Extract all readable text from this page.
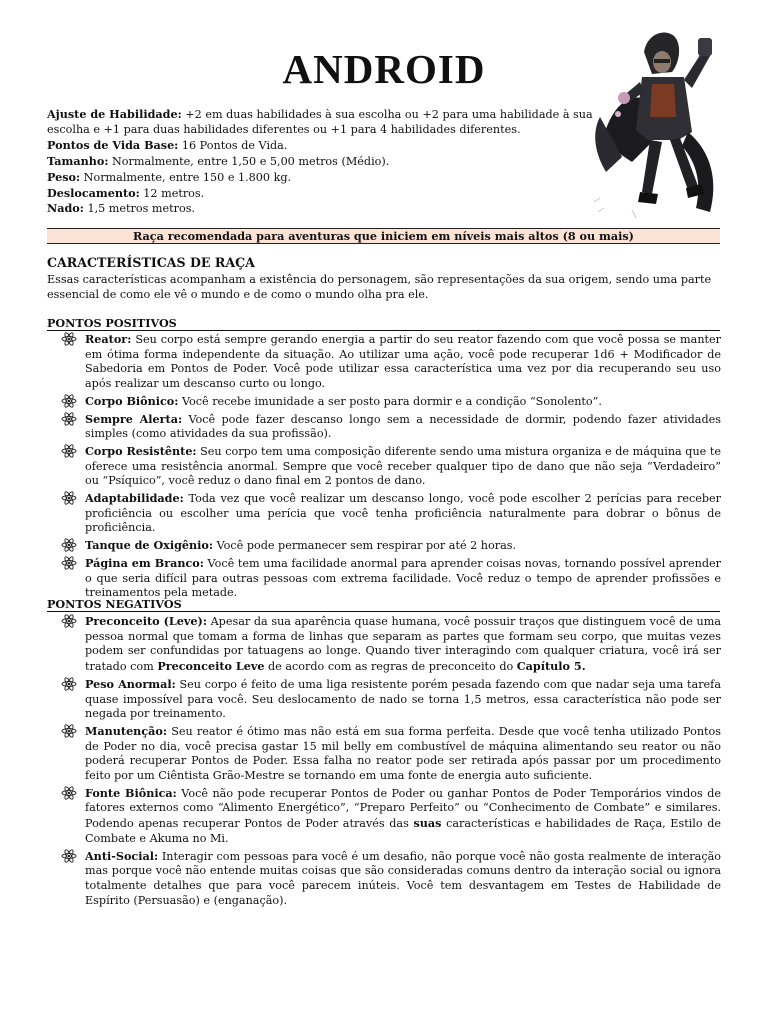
ANDROID

Ajuste de Habilidade: +2 em duas habilidades à sua escolha ou +2 para uma habilidade à sua escolha e +1 para duas habilidades diferentes ou +1 para 4 habilidades diferentes.

Pontos de Vida Base: 16 Pontos de Vida.

Tamanho: Normalmente, entre 1,50 e 5,00 metros (Médio).

Peso: Normalmente, entre 150 e 1.800 kg.

Deslocamento: 12 metros.

Nado: 1,5 metros metros.

Raça recomendada para aventuras que iniciem em níveis mais altos (8 ou mais)
CARACTERÍSTICAS DE RAÇA
Essas características acompanham a existência do personagem, são representações da sua origem, sendo uma parte essencial de como ele vê o mundo e de como o mundo olha pra ele.
PONTOS POSITIVOS
Reator: Seu corpo está sempre gerando energia a partir do seu reator fazendo com que você possa se manter em ótima forma independente da situação. Ao utilizar uma ação, você pode recuperar 1d6 + Modificador de Sabedoria em Pontos de Poder. Você pode utilizar essa característica uma vez por dia recuperando seu uso após realizar um descanso curto ou longo.
Corpo Biônico: Você recebe imunidade a ser posto para dormir e a condição “Sonolento”.
Sempre Alerta: Você pode fazer descanso longo sem a necessidade de dormir, podendo fazer atividades simples (como atividades da sua profissão).
Corpo Resistênte: Seu corpo tem uma composição diferente sendo uma mistura organiza e de máquina que te oferece uma resistência anormal. Sempre que você receber qualquer tipo de dano que não seja “Verdadeiro” ou “Psíquico”, você reduz o dano final em 2 pontos de dano.
Adaptabilidade: Toda vez que você realizar um descanso longo, você pode escolher 2 perícias para receber proficiência ou escolher uma perícia que você tenha proficiência naturalmente para dobrar o bônus de proficiência.
Tanque de Oxigênio: Você pode permanecer sem respirar por até 2 horas.
Página em Branco: Você tem uma facilidade anormal para aprender coisas novas, tornando possível aprender o que seria difícil para outras pessoas com extrema facilidade. Você reduz o tempo de aprender profissões e treinamentos pela metade.
PONTOS NEGATIVOS
Preconceito (Leve): Apesar da sua aparência quase humana, você possuir traços que distinguem você de uma pessoa normal que tomam a forma de linhas que separam as partes que formam seu corpo, que muitas vezes podem ser confundidas por tatuagens ao longe. Quando tiver interagindo com qualquer criatura, você irá ser tratado com Preconceito Leve de acordo com as regras de preconceito do Capítulo 5.
Peso Anormal: Seu corpo é feito de uma liga resistente porém pesada fazendo com que nadar seja uma tarefa quase impossível para você. Seu deslocamento de nado se torna 1,5 metros, essa característica não pode ser negada por treinamento.
Manutenção: Seu reator é ótimo mas não está em sua forma perfeita. Desde que você tenha utilizado Pontos de Poder no dia, você precisa gastar 15 mil belly em combustível de máquina alimentando seu reator ou não poderá recuperar Pontos de Poder. Essa falha no reator pode ser retirada após passar por um procedimento feito por um Ciêntista Grão-Mestre se tornando em uma fonte de energia auto suficiente.
Fonte Biônica: Você não pode recuperar Pontos de Poder ou ganhar Pontos de Poder Temporários vindos de fatores externos como “Alimento Energético”, “Preparo Perfeito” ou “Conhecimento de Combate” e similares. Podendo apenas recuperar Pontos de Poder através das suas características e habilidades de Raça, Estilo de Combate e Akuma no Mi.
Anti-Social: Interagir com pessoas para você é um desafio, não porque você não gosta realmente de interação mas porque você não entende muitas coisas que são consideradas comuns dentro da interação social ou ignora totalmente detalhes que para você parecem inúteis. Você tem desvantagem em Testes de Habilidade de Espírito (Persuasão) e (enganação).
